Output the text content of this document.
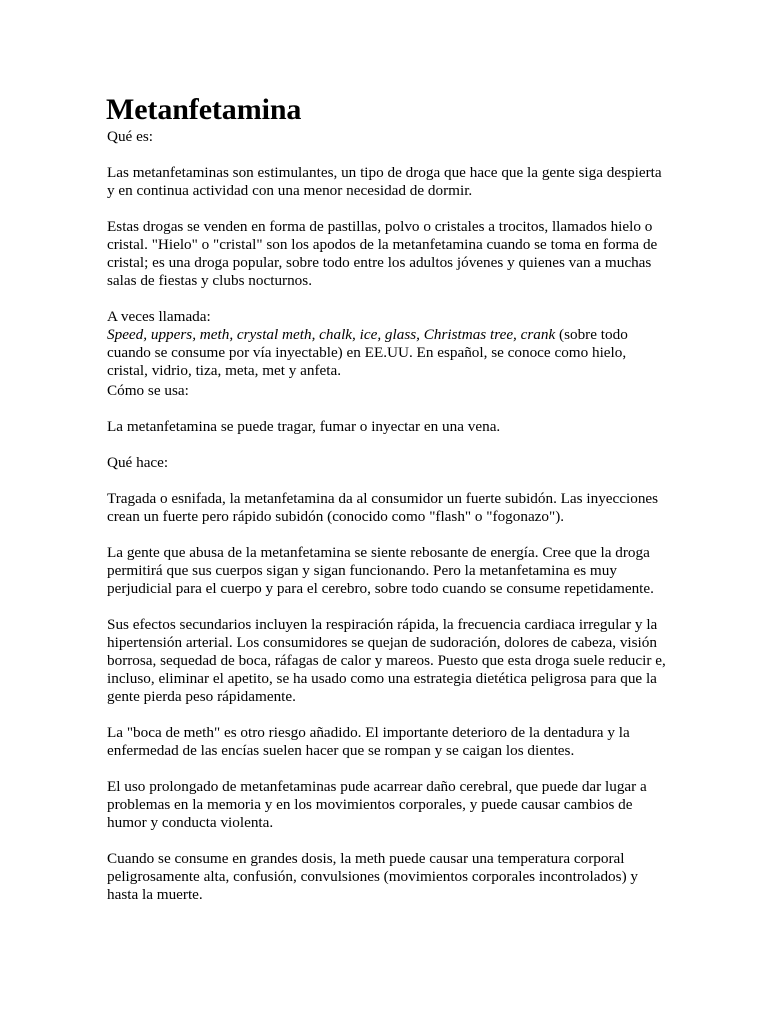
Metanfetamina

Qué es:

Las metanfetaminas son estimulantes, un tipo de droga que hace que la gente siga despierta y en continua actividad con una menor necesidad de dormir.

Estas drogas se venden en forma de pastillas, polvo o cristales a trocitos, llamados hielo o cristal. "Hielo" o "cristal" son los apodos de la metanfetamina cuando se toma en forma de cristal; es una droga popular, sobre todo entre los adultos jóvenes y quienes van a muchas salas de fiestas y clubs nocturnos.

A veces llamada:

Speed, uppers, meth, crystal meth, chalk, ice, glass, Christmas tree, crank (sobre todo cuando se consume por vía inyectable) en EE.UU. En español, se conoce como hielo, cristal, vidrio, tiza, meta, met y anfeta.

Cómo se usa:

La metanfetamina se puede tragar, fumar o inyectar en una vena.

Qué hace:

Tragada o esnifada, la metanfetamina da al consumidor un fuerte subidón. Las inyecciones crean un fuerte pero rápido subidón (conocido como "flash" o "fogonazo").

La gente que abusa de la metanfetamina se siente rebosante de energía. Cree que la droga permitirá que sus cuerpos sigan y sigan funcionando. Pero la metanfetamina es muy perjudicial para el cuerpo y para el cerebro, sobre todo cuando se consume repetidamente.

Sus efectos secundarios incluyen la respiración rápida, la frecuencia cardiaca irregular y la hipertensión arterial. Los consumidores se quejan de sudoración, dolores de cabeza, visión borrosa, sequedad de boca, ráfagas de calor y mareos. Puesto que esta droga suele reducir e, incluso, eliminar el apetito, se ha usado como una estrategia dietética peligrosa para que la gente pierda peso rápidamente.

La "boca de meth" es otro riesgo añadido. El importante deterioro de la dentadura y la enfermedad de las encías suelen hacer que se rompan y se caigan los dientes.

El uso prolongado de metanfetaminas pude acarrear daño cerebral, que puede dar lugar a problemas en la memoria y en los movimientos corporales, y puede causar cambios de humor y conducta violenta.

Cuando se consume en grandes dosis, la meth puede causar una temperatura corporal peligrosamente alta, confusión, convulsiones (movimientos corporales incontrolados) y hasta la muerte.
